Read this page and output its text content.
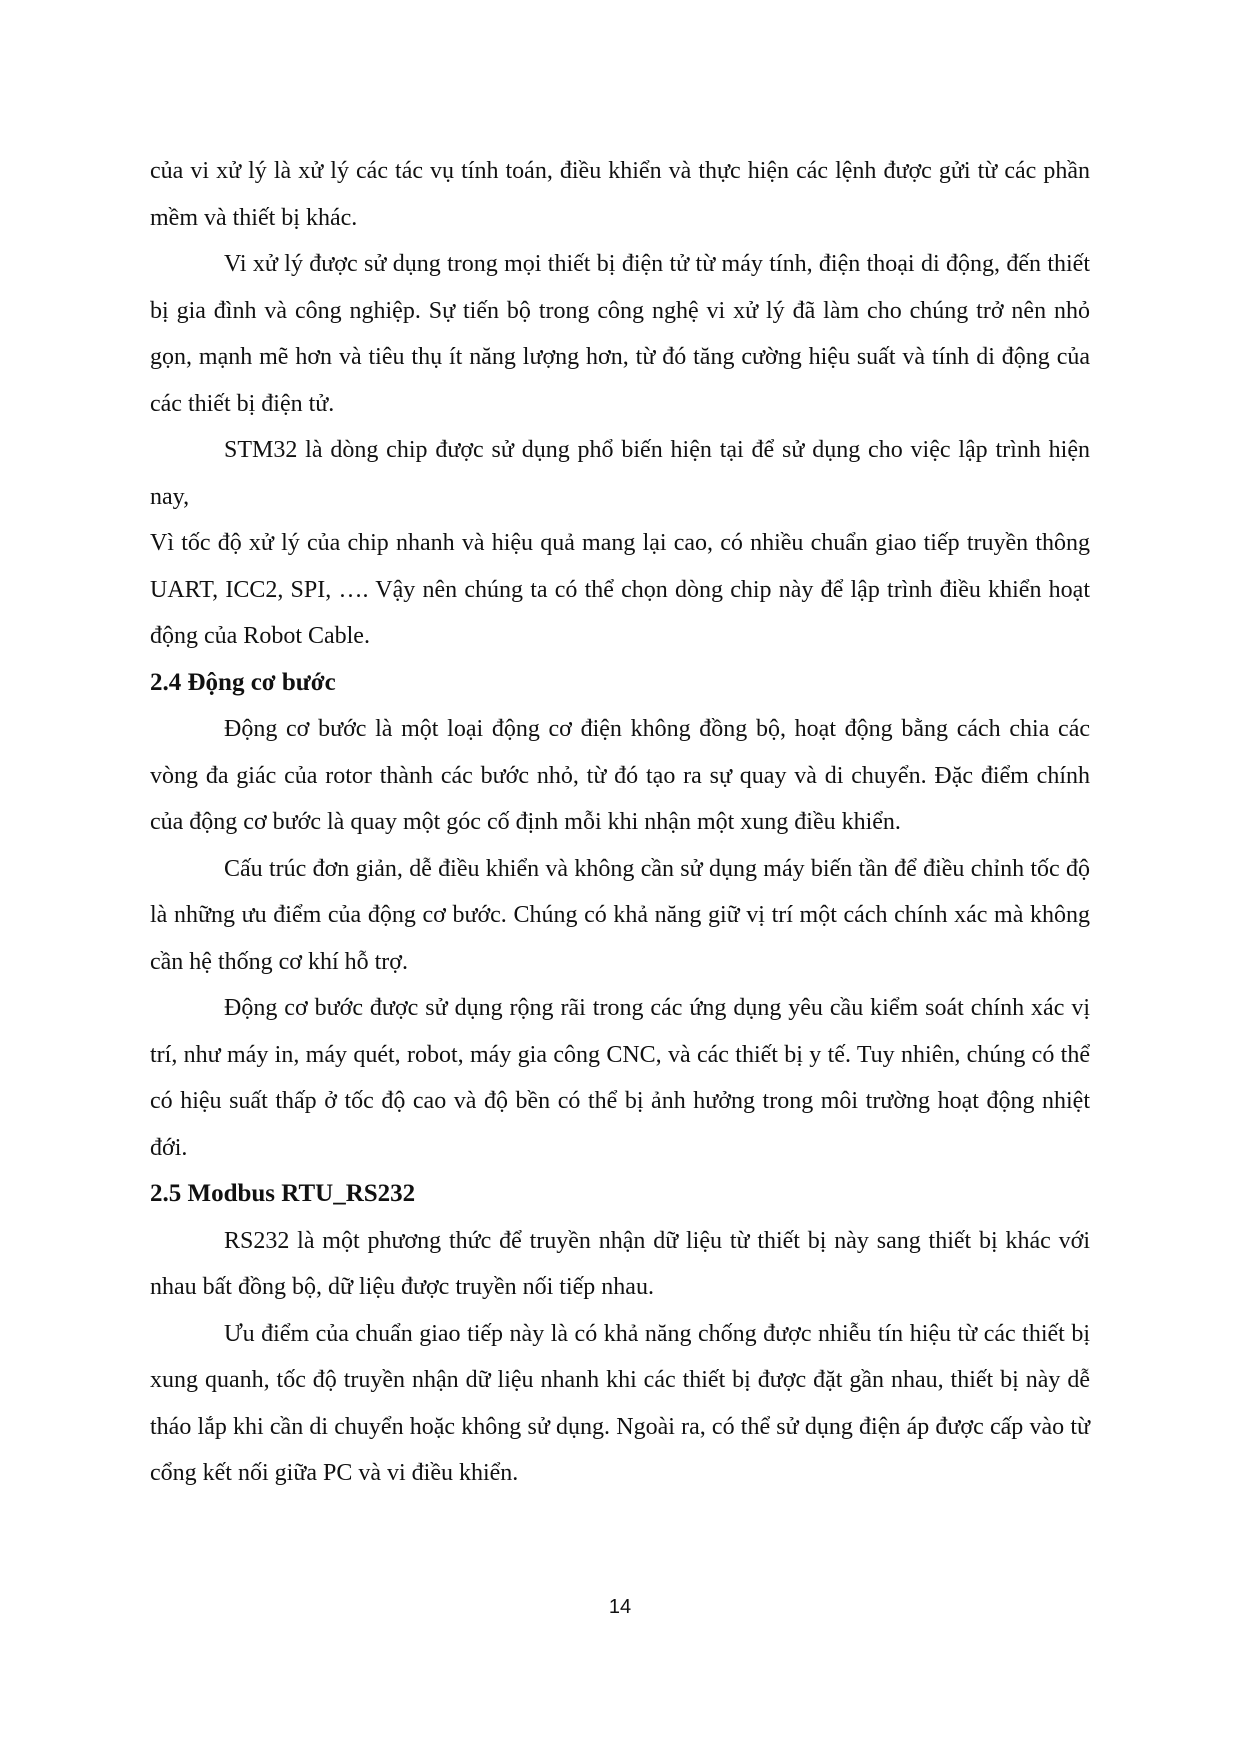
của vi xử lý là xử lý các tác vụ tính toán, điều khiển và thực hiện các lệnh được gửi từ các phần mềm và thiết bị khác.

Vi xử lý được sử dụng trong mọi thiết bị điện tử từ máy tính, điện thoại di động, đến thiết bị gia đình và công nghiệp. Sự tiến bộ trong công nghệ vi xử lý đã làm cho chúng trở nên nhỏ gọn, mạnh mẽ hơn và tiêu thụ ít năng lượng hơn, từ đó tăng cường hiệu suất và tính di động của các thiết bị điện tử.

STM32 là dòng chip được sử dụng phổ biến hiện tại để sử dụng cho việc lập trình hiện nay,

Vì tốc độ xử lý của chip nhanh và hiệu quả mang lại cao, có nhiều chuẩn giao tiếp truyền thông UART, ICC2, SPI, …. Vậy nên chúng ta có thể chọn dòng chip này để lập trình điều khiển hoạt động của Robot Cable.

2.4 Động cơ bước

Động cơ bước là một loại động cơ điện không đồng bộ, hoạt động bằng cách chia các vòng đa giác của rotor thành các bước nhỏ, từ đó tạo ra sự quay và di chuyển. Đặc điểm chính của động cơ bước là quay một góc cố định mỗi khi nhận một xung điều khiển.

Cấu trúc đơn giản, dễ điều khiển và không cần sử dụng máy biến tần để điều chỉnh tốc độ là những ưu điểm của động cơ bước. Chúng có khả năng giữ vị trí một cách chính xác mà không cần hệ thống cơ khí hỗ trợ.

Động cơ bước được sử dụng rộng rãi trong các ứng dụng yêu cầu kiểm soát chính xác vị trí, như máy in, máy quét, robot, máy gia công CNC, và các thiết bị y tế. Tuy nhiên, chúng có thể có hiệu suất thấp ở tốc độ cao và độ bền có thể bị ảnh hưởng trong môi trường hoạt động nhiệt đới.

2.5 Modbus RTU_RS232

RS232 là một phương thức để truyền nhận dữ liệu từ thiết bị này sang thiết bị khác với nhau bất đồng bộ, dữ liệu được truyền nối tiếp nhau.

Ưu điểm của chuẩn giao tiếp này là có khả năng chống được nhiễu tín hiệu từ các thiết bị xung quanh, tốc độ truyền nhận dữ liệu nhanh khi các thiết bị được đặt gần nhau, thiết bị này dễ tháo lắp khi cần di chuyển hoặc không sử dụng. Ngoài ra, có thể sử dụng điện áp được cấp vào từ cổng kết nối giữa PC và vi điều khiển.

14
